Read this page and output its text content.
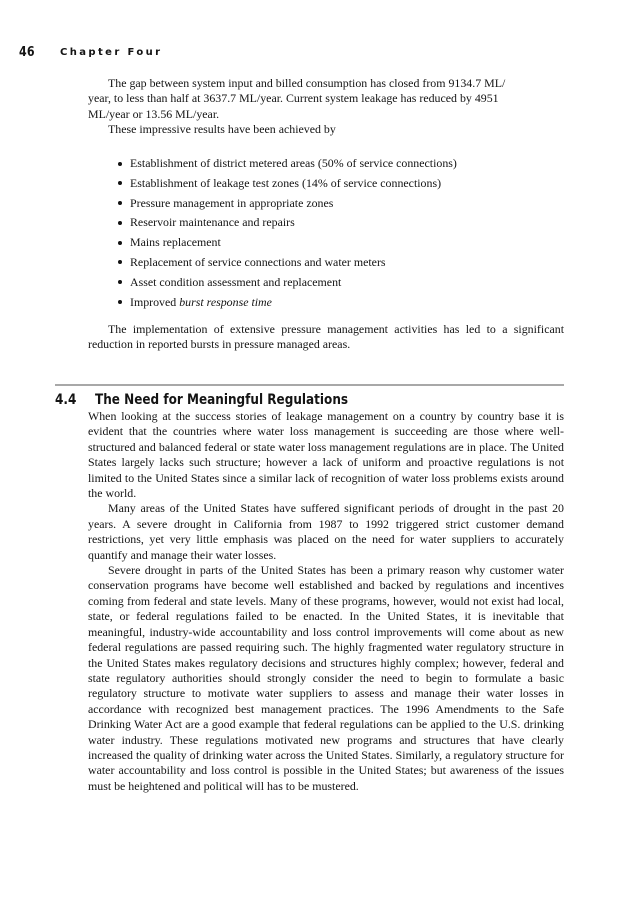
46	Chapter Four

The gap between system input and billed consumption has closed from 9134.7 ML/

year, to less than half at 3637.7 ML/year. Current system leakage has reduced by 4951

ML/year or 13.56 ML/year.

These impressive results have been achieved by

Establishment of district metered areas (50% of service connections)
Establishment of leakage test zones (14% of service connections)
Pressure management in appropriate zones
Reservoir maintenance and repairs
Mains replacement
Replacement of service connections and water meters
Asset condition assessment and replacement
Improved burst response time

The implementation of extensive pressure management activities has led to a significant reduction in reported bursts in pressure managed areas.

4.4 The Need for Meaningful Regulations

When looking at the success stories of leakage management on a country by country base it is evident that the countries where water loss management is succeeding are those where well-structured and balanced federal or state water loss management regulations are in place. The United States largely lacks such structure; however a lack of uniform and proactive regulations is not limited to the United States since a similar lack of recognition of water loss problems exists around the world.

Many areas of the United States have suffered significant periods of drought in the past 20 years. A severe drought in California from 1987 to 1992 triggered strict customer demand restrictions, yet very little emphasis was placed on the need for water suppliers to accurately quantify and manage their water losses.

Severe drought in parts of the United States has been a primary reason why customer water conservation programs have become well established and backed by regulations and incentives coming from federal and state levels. Many of these programs, however, would not exist had local, state, or federal regulations failed to be enacted. In the United States, it is inevitable that meaningful, industry-wide accountability and loss control improvements will come about as new federal regulations are passed requiring such. The highly fragmented water regulatory structure in the United States makes regulatory decisions and structures highly complex; however, federal and state regulatory authorities should strongly consider the need to begin to formulate a basic regulatory structure to motivate water suppliers to assess and manage their water losses in accordance with recognized best management practices. The 1996 Amendments to the Safe Drinking Water Act are a good example that federal regulations can be applied to the U.S. drinking water industry. These regulations motivated new programs and structures that have clearly increased the quality of drinking water across the United States. Similarly, a regulatory structure for water accountability and loss control is possible in the United States; but awareness of the issues must be heightened and political will has to be mustered.
